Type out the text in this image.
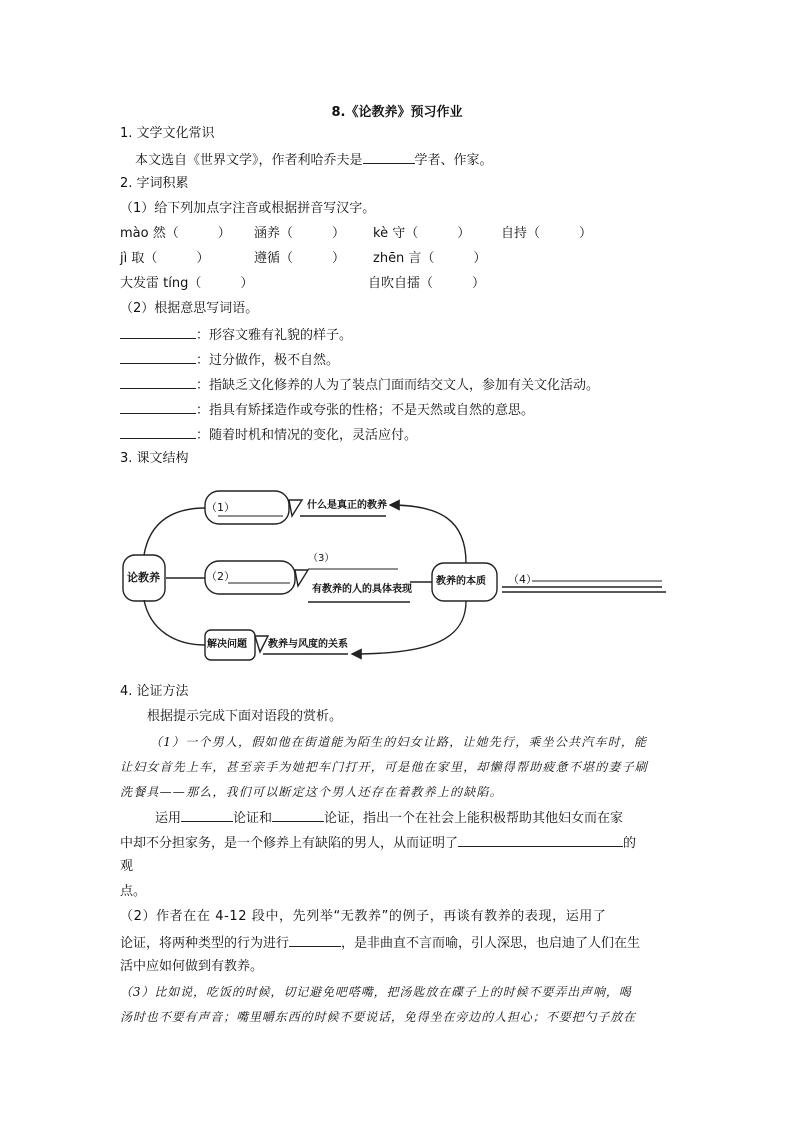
8.《论教养》预习作业
1. 文学文化常识
本文选自《世界文学》，作者利哈乔夫是	学者、作家。
2. 字词积累
（1）给下列加点字注音或根据拼音写汉字。
mào 然（　　　） 涵养（　　　） kè 守（　　　） 自持（　　　）
jì 取（　　　）	遵循（　　　） zhēn 言（　　　）
大发雷 tíng（　　　）	自吹自擂（　　　）
（2）根据意思写词语。
：形容文雅有礼貌的样子。
：过分做作，极不自然。
：指缺乏文化修养的人为了装点门面而结交文人，参加有关文化活动。
：指具有矫揉造作或夸张的性格；不是天然或自然的意思。
：随着时机和情况的变化，灵活应付。
3. 课文结构
论教养
（1）	什么是真正的教养
（2）
（3）
有教养的人的具体表现
教养的本质 （4）
解决问题 教养与风度的关系
4. 论证方法
根据提示完成下面对语段的赏析。
（1）一个男人，假如他在街道能为陌生的妇女让路，让她先行，乘坐公共汽车时，能
让妇女首先上车，甚至亲手为她把车门打开，可是他在家里，却懒得帮助疲惫不堪的妻子刷
洗餐具——那么，我们可以断定这个男人还存在着教养上的缺陷。
运用	论证和	论证，指出一个在社会上能积极帮助其他妇女而在家
中却不分担家务，是一个修养上有缺陷的男人，从而证明了	的
观
点。
（2）作者在在 4-12 段中，先列举“无教养”的例子，再谈有教养的表现，运用了
论证，将两种类型的行为进行	，是非曲直不言而喻，引人深思，也启迪了人们在生
活中应如何做到有教养。
（3）比如说，吃饭的时候，切记避免吧嗒嘴，把汤匙放在碟子上的时候不要弄出声响，喝
汤时也不要有声音；嘴里嚼东西的时候不要说话，免得坐在旁边的人担心；不要把勺子放在
